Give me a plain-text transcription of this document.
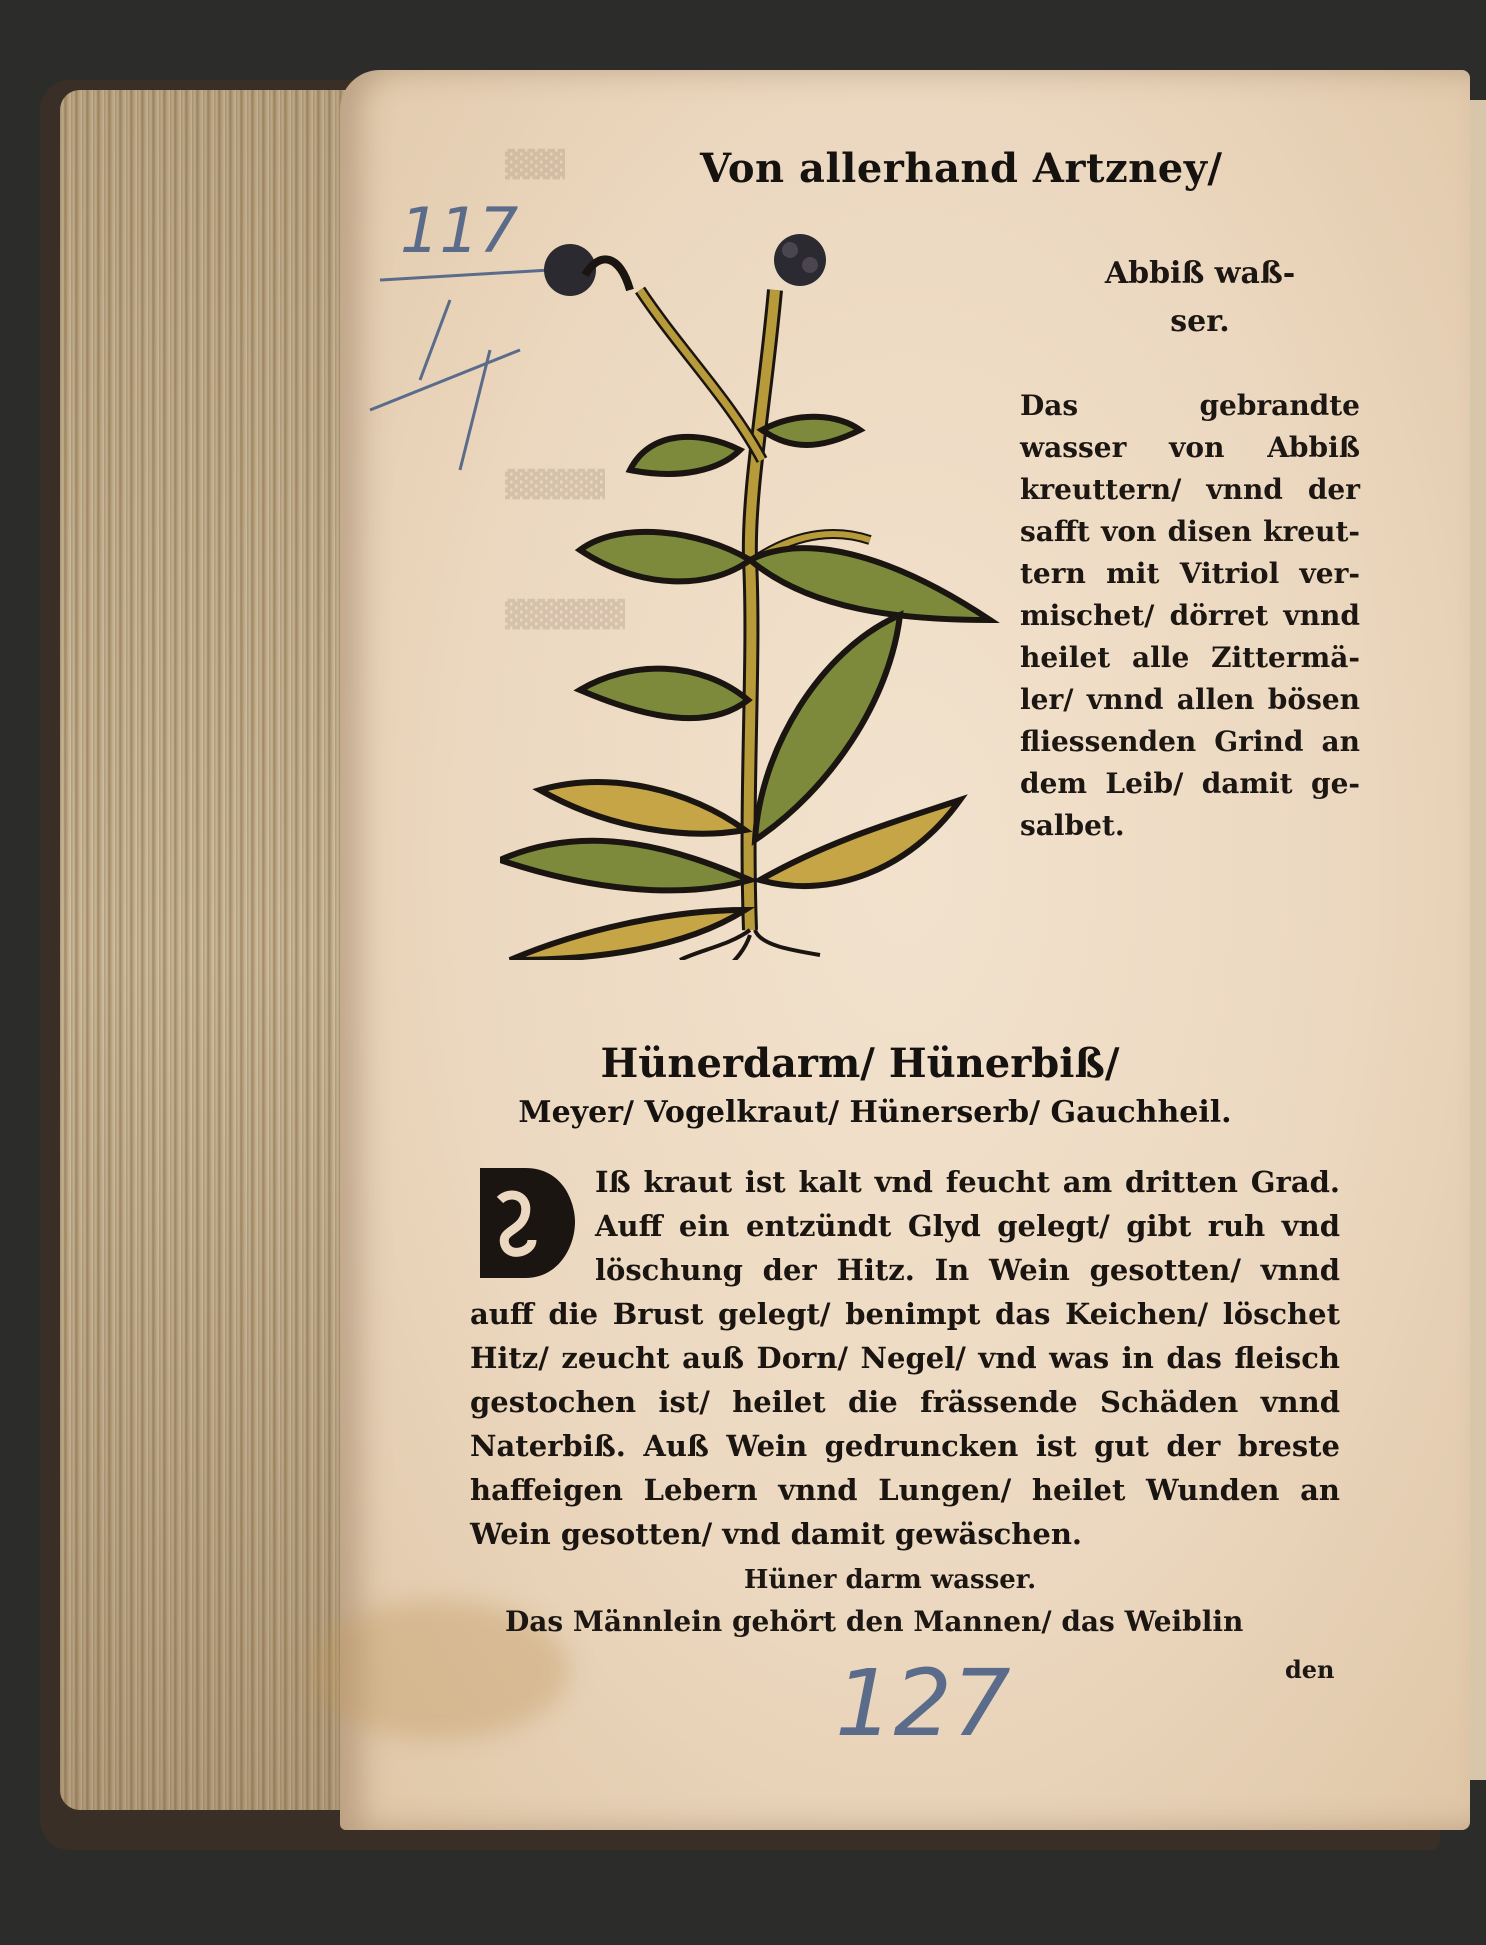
▓▓▓
▓▓▓▓▓
▓▓▓▓▓▓
Von allerhand Artzney/
117
Abbiß waß-
ser.
Das gebrandte wasser von Abbiß kreuttern/ vnnd der safft von disen kreut- tern mit Vitriol ver- mischet/ dörret vnnd heilet alle Zittermä- ler/ vnnd allen bösen fliessenden Grind an dem Leib/ damit ge- salbet.
Hünerdarm/ Hünerbiß/
Meyer/ Vogelkraut/ Hünerserb/ Gauchheil.
Iß kraut ist kalt vnd feucht am dritten Grad. Auff ein entzündt Glyd gelegt/ gibt ruh vnd löschung der Hitz. In Wein gesotten/ vnnd auff die Brust gelegt/ benimpt das Keichen/ löschet Hitz/ zeucht auß Dorn/ Negel/ vnd was in das fleisch gestochen ist/ heilet die frässende Schäden vnnd Naterbiß. Auß Wein gedruncken ist gut der breste haffeigen Lebern vnnd Lungen/ heilet Wunden an Wein gesotten/ vnd damit gewäschen.
Hüner darm wasser.
Das Männlein gehört den Mannen/ das Weiblin
den
127
